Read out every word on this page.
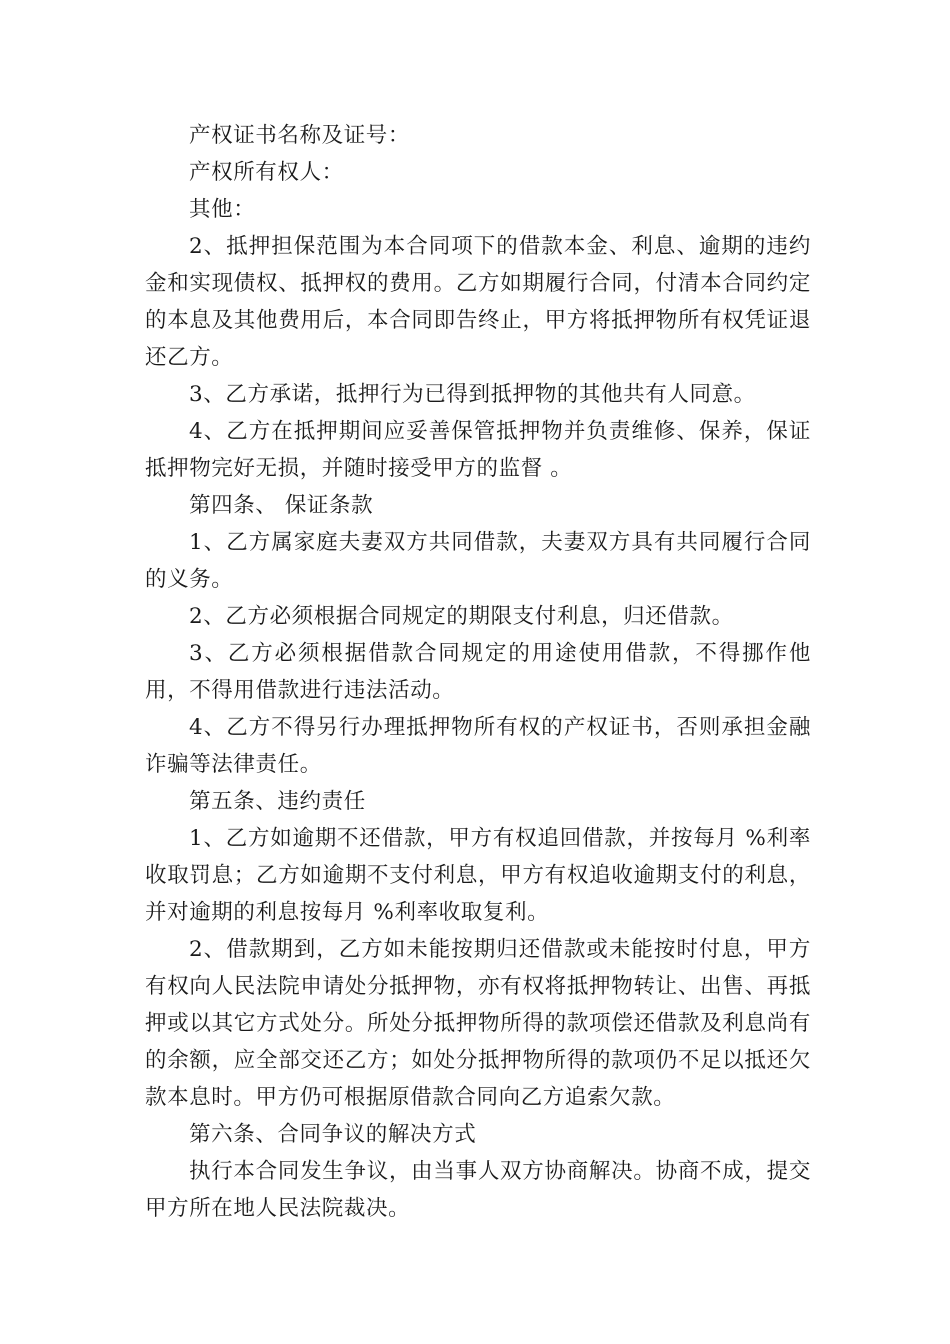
产权证书名称及证号：

产权所有权人：

其他：

2、抵押担保范围为本合同项下的借款本金、利息、逾期的违约金和实现债权、抵押权的费用。乙方如期履行合同，付清本合同约定的本息及其他费用后，本合同即告终止，甲方将抵押物所有权凭证退还乙方。

3、乙方承诺，抵押行为已得到抵押物的其他共有人同意。

4、乙方在抵押期间应妥善保管抵押物并负责维修、保养，保证抵押物完好无损，并随时接受甲方的监督 。

第四条、 保证条款

1、乙方属家庭夫妻双方共同借款，夫妻双方具有共同履行合同的义务。

2、乙方必须根据合同规定的期限支付利息，归还借款。

3、乙方必须根据借款合同规定的用途使用借款，不得挪作他用，不得用借款进行违法活动。

4、乙方不得另行办理抵押物所有权的产权证书，否则承担金融诈骗等法律责任。

第五条、违约责任

1、乙方如逾期不还借款，甲方有权追回借款，并按每月 %利率收取罚息；乙方如逾期不支付利息，甲方有权追收逾期支付的利息，并对逾期的利息按每月 %利率收取复利。

2、借款期到，乙方如未能按期归还借款或未能按时付息，甲方有权向人民法院申请处分抵押物，亦有权将抵押物转让、出售、再抵押或以其它方式处分。所处分抵押物所得的款项偿还借款及利息尚有的余额，应全部交还乙方；如处分抵押物所得的款项仍不足以抵还欠款本息时。甲方仍可根据原借款合同向乙方追索欠款。

第六条、合同争议的解决方式

执行本合同发生争议，由当事人双方协商解决。协商不成，提交甲方所在地人民法院裁决。
